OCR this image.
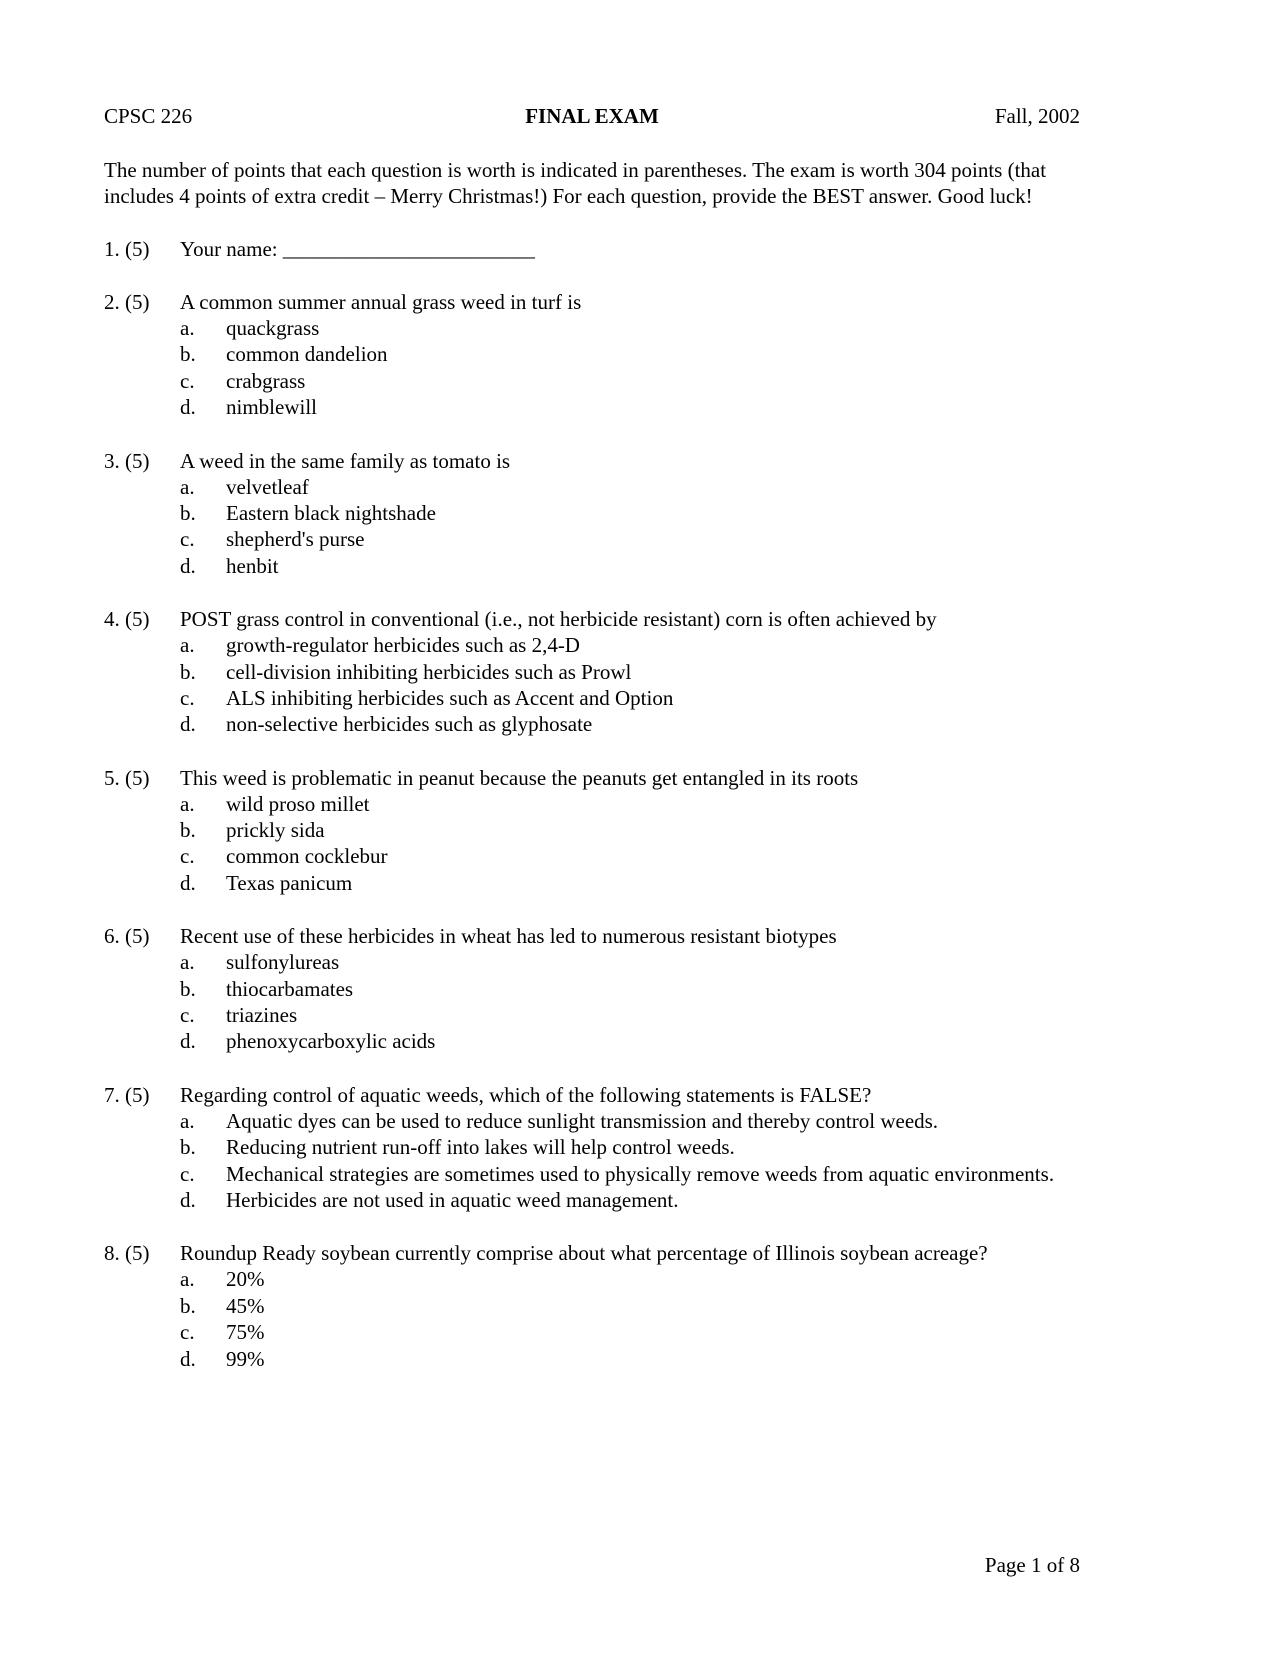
CPSC 226	FINAL EXAM	Fall, 2002

The number of points that each question is worth is indicated in parentheses. The exam is worth 304 points (that

includes 4 points of extra credit – Merry Christmas!) For each question, provide the BEST answer. Good luck!

1. (5) Your name: ________________________
2. (5) A common summer annual grass weed in turf is
a. quackgrass
b. common dandelion
c. crabgrass
d. nimblewill
3. (5) A weed in the same family as tomato is
a. velvetleaf
b. Eastern black nightshade
c. shepherd's purse
d. henbit
4. (5) POST grass control in conventional (i.e., not herbicide resistant) corn is often achieved by
a. growth-regulator herbicides such as 2,4-D
b. cell-division inhibiting herbicides such as Prowl
c. ALS inhibiting herbicides such as Accent and Option
d. non-selective herbicides such as glyphosate
5. (5) This weed is problematic in peanut because the peanuts get entangled in its roots
a. wild proso millet
b. prickly sida
c. common cocklebur
d. Texas panicum
6. (5) Recent use of these herbicides in wheat has led to numerous resistant biotypes
a. sulfonylureas
b. thiocarbamates
c. triazines
d. phenoxycarboxylic acids
7. (5) Regarding control of aquatic weeds, which of the following statements is FALSE?
a. Aquatic dyes can be used to reduce sunlight transmission and thereby control weeds.
b. Reducing nutrient run-off into lakes will help control weeds.
c. Mechanical strategies are sometimes used to physically remove weeds from aquatic environments.
d. Herbicides are not used in aquatic weed management.
8. (5) Roundup Ready soybean currently comprise about what percentage of Illinois soybean acreage?
a. 20%
b. 45%
c. 75%
d. 99%
Page 1 of 8
